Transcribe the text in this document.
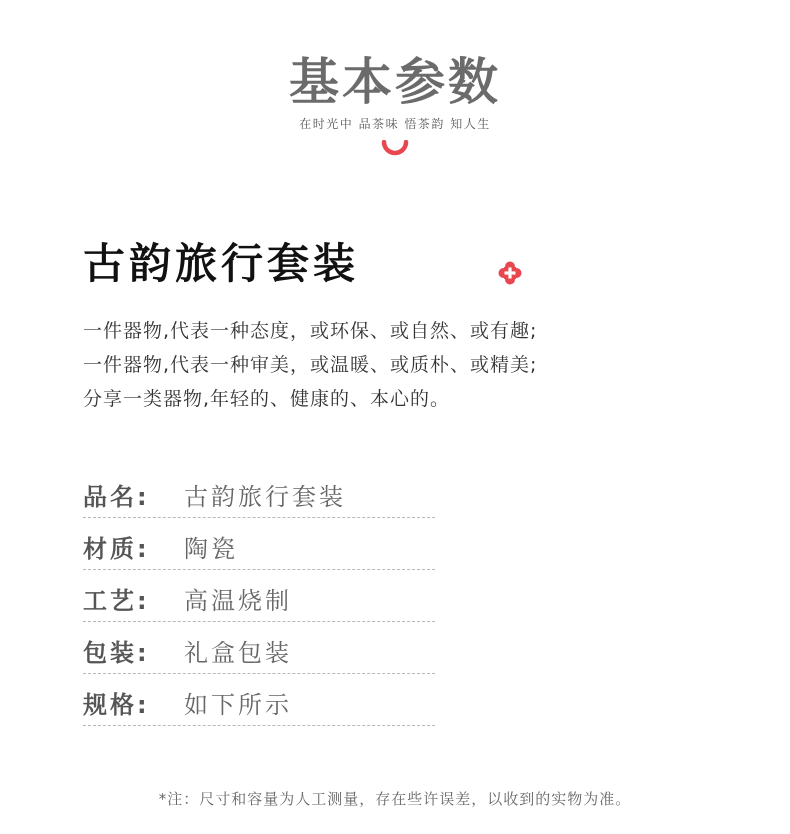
基本参数
在时光中 品茶味 悟茶韵 知人生
古韵旅行套装
一件器物,代表一种态度，或环保、或自然、或有趣;
一件器物,代表一种审美，或温暖、或质朴、或精美;
分享一类器物,年轻的、健康的、本心的。
品名:	古韵旅行套装
材质:	陶瓷
工艺:	高温烧制
包装:	礼盒包装
规格:	如下所示
*注：尺寸和容量为人工测量，存在些许误差，以收到的实物为准。
